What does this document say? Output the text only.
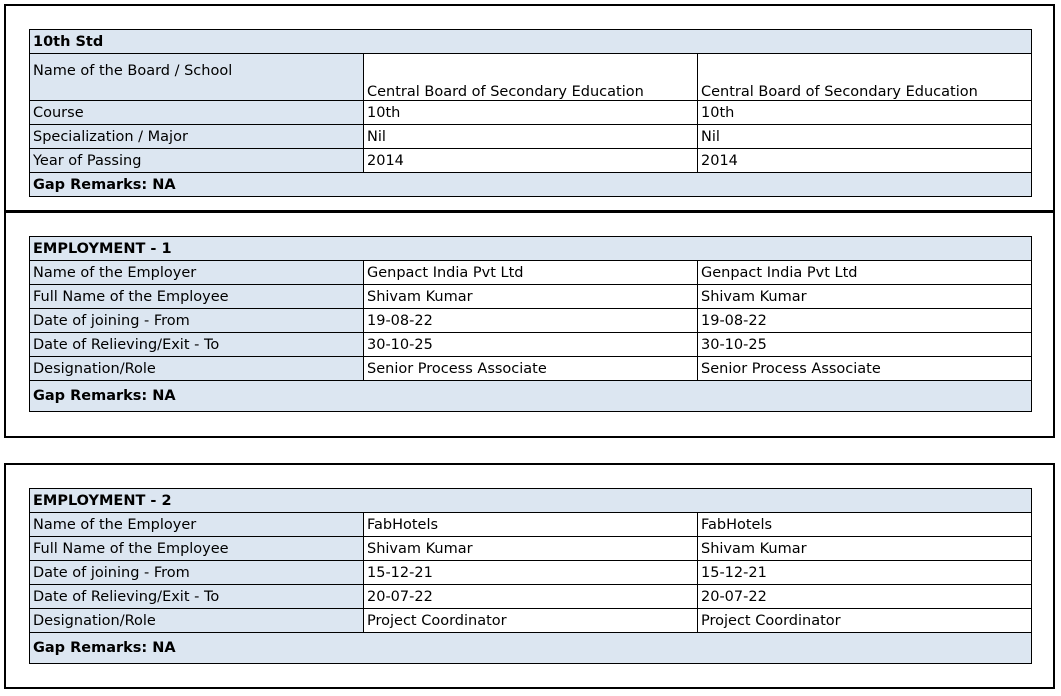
10th Std		
Name of the Board / School	Central Board of Secondary Education	Central Board of Secondary Education
Course	10th	10th
Specialization / Major	Nil	Nil
Year of Passing	2014	2014
Gap Remarks: NA		
EMPLOYMENT - 1		
Name of the Employer	Genpact India Pvt Ltd	Genpact India Pvt Ltd
Full Name of the Employee	Shivam Kumar	Shivam Kumar
Date of joining - From	19-08-22	19-08-22
Date of Relieving/Exit - To	30-10-25	30-10-25
Designation/Role	Senior Process Associate	Senior Process Associate
Gap Remarks: NA		
EMPLOYMENT - 2		
Name of the Employer	FabHotels	FabHotels
Full Name of the Employee	Shivam Kumar	Shivam Kumar
Date of joining - From	15-12-21	15-12-21
Date of Relieving/Exit - To	20-07-22	20-07-22
Designation/Role	Project Coordinator	Project Coordinator
Gap Remarks: NA		
